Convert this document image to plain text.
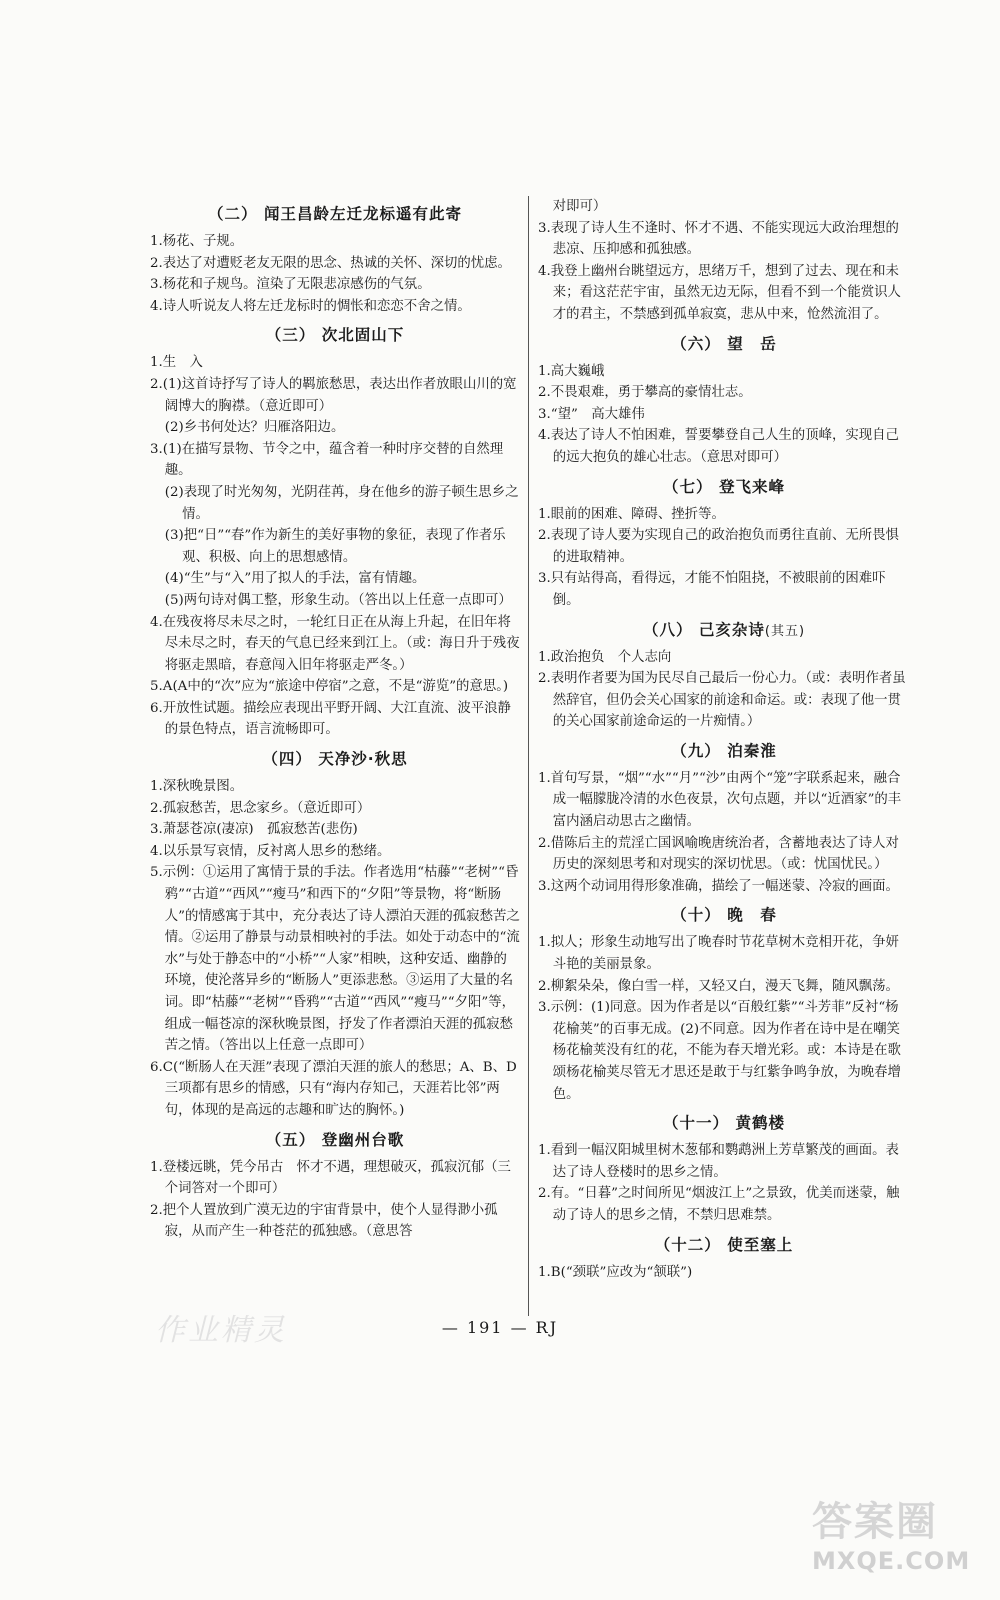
（二） 闻王昌龄左迁龙标遥有此寄

1.杨花、子规。

2.表达了对遭贬老友无限的思念、热诚的关怀、深切的忧虑。

3.杨花和子规鸟。渲染了无限悲凉感伤的气氛。

4.诗人听说友人将左迁龙标时的惆怅和恋恋不舍之情。

（三） 次北固山下

1.生　入

2.(1)这首诗抒写了诗人的羁旅愁思，表达出作者放眼山川的宽阔博大的胸襟。（意近即可）

(2)乡书何处达？归雁洛阳边。

3.(1)在描写景物、节令之中，蕴含着一种时序交替的自然理趣。

(2)表现了时光匆匆，光阴荏苒，身在他乡的游子顿生思乡之情。

(3)把“日”“春”作为新生的美好事物的象征，表现了作者乐观、积极、向上的思想感情。

(4)“生”与“入”用了拟人的手法，富有情趣。

(5)两句诗对偶工整，形象生动。（答出以上任意一点即可）

4.在残夜将尽未尽之时，一轮红日正在从海上升起，在旧年将尽未尽之时，春天的气息已经来到江上。（或：海日升于残夜将驱走黑暗，春意闯入旧年将驱走严冬。）

5.A(A中的“次”应为“旅途中停宿”之意，不是“游览”的意思。)

6.开放性试题。描绘应表现出平野开阔、大江直流、波平浪静的景色特点，语言流畅即可。

（四） 天净沙·秋思

1.深秋晚景图。

2.孤寂愁苦，思念家乡。（意近即可）

3.萧瑟苍凉(凄凉)　孤寂愁苦(悲伤)

4.以乐景写哀情，反衬离人思乡的愁绪。

5.示例：①运用了寓情于景的手法。作者选用“枯藤”“老树”“昏鸦”“古道”“西风”“瘦马”和西下的“夕阳”等景物，将“断肠人”的情感寓于其中，充分表达了诗人漂泊天涯的孤寂愁苦之情。②运用了静景与动景相映衬的手法。如处于动态中的“流水”与处于静态中的“小桥”“人家”相映，这种安适、幽静的环境，使沦落异乡的“断肠人”更添悲愁。③运用了大量的名词。即“枯藤”“老树”“昏鸦”“古道”“西风”“瘦马”“夕阳”等，组成一幅苍凉的深秋晚景图，抒发了作者漂泊天涯的孤寂愁苦之情。（答出以上任意一点即可）

6.C(“断肠人在天涯”表现了漂泊天涯的旅人的愁思；A、B、D三项都有思乡的情感，只有“海内存知己，天涯若比邻”两句，体现的是高远的志趣和旷达的胸怀。)

（五） 登幽州台歌

1.登楼远眺，凭今吊古　怀才不遇，理想破灭，孤寂沉郁（三个词答对一个即可）

2.把个人置放到广漠无边的宇宙背景中，使个人显得渺小孤寂，从而产生一种苍茫的孤独感。（意思答

对即可）

3.表现了诗人生不逢时、怀才不遇、不能实现远大政治理想的悲凉、压抑感和孤独感。

4.我登上幽州台眺望远方，思绪万千，想到了过去、现在和未来；看这茫茫宇宙，虽然无边无际，但看不到一个能赏识人才的君主，不禁感到孤单寂寞，悲从中来，怆然流泪了。

（六） 望　岳

1.高大巍峨

2.不畏艰难，勇于攀高的豪情壮志。

3.“望”　高大雄伟

4.表达了诗人不怕困难，誓要攀登自己人生的顶峰，实现自己的远大抱负的雄心壮志。（意思对即可）

（七） 登飞来峰

1.眼前的困难、障碍、挫折等。

2.表现了诗人要为实现自己的政治抱负而勇往直前、无所畏惧的进取精神。

3.只有站得高，看得远，才能不怕阻挠，不被眼前的困难吓倒。

（八） 己亥杂诗(其五)

1.政治抱负　个人志向

2.表明作者要为国为民尽自己最后一份心力。（或：表明作者虽然辞官，但仍会关心国家的前途和命运。或：表现了他一贯的关心国家前途命运的一片痴情。）

（九） 泊秦淮

1.首句写景，“烟”“水”“月”“沙”由两个“笼”字联系起来，融合成一幅朦胧冷清的水色夜景，次句点题，并以“近酒家”的丰富内涵启动思古之幽情。

2.借陈后主的荒淫亡国讽喻晚唐统治者，含蓄地表达了诗人对历史的深刻思考和对现实的深切忧思。（或：忧国忧民。）

3.这两个动词用得形象准确，描绘了一幅迷蒙、冷寂的画面。

（十） 晚　春

1.拟人；形象生动地写出了晚春时节花草树木竞相开花，争妍斗艳的美丽景象。

2.柳絮朵朵，像白雪一样，又轻又白，漫天飞舞，随风飘荡。

3.示例：(1)同意。因为作者是以“百般红紫”“斗芳菲”反衬“杨花榆荚”的百事无成。(2)不同意。因为作者在诗中是在嘲笑杨花榆荚没有红的花，不能为春天增光彩。或：本诗是在歌颂杨花榆荚尽管无才思还是敢于与红紫争鸣争放，为晚春增色。

（十一） 黄鹤楼

1.看到一幅汉阳城里树木葱郁和鹦鹉洲上芳草繁茂的画面。表达了诗人登楼时的思乡之情。

2.有。“日暮”之时间所见“烟波江上”之景致，优美而迷蒙，触动了诗人的思乡之情，不禁归思难禁。

（十二） 使至塞上

1.B(“颈联”应改为“颔联”)

— 191 — RJ
作业精灵
答案圈
MXQE.COM
